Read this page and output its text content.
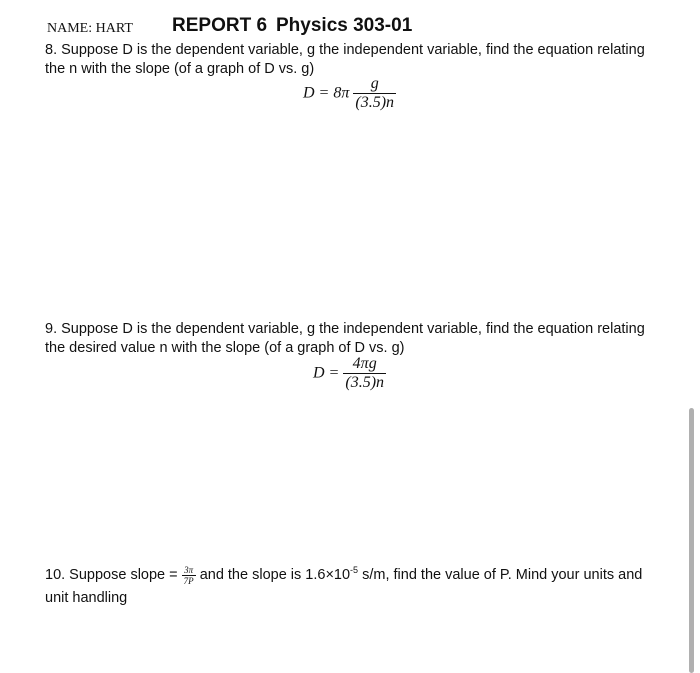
NAME: HART REPORT 6 Physics 303-01
8. Suppose D is the dependent variable, g the independent variable, find the equation relating
the n with the slope (of a graph of D vs. g)
$D = 8\pi \frac{g}{(3.5)n}$
9. Suppose D is the dependent variable, g the independent variable, find the equation relating
the desired value n with the slope (of a graph of D vs. g)
$D = \frac{4\pi g}{(3.5)n}$
10. Suppose slope = $\frac{3\pi}{7P}$ and the slope is $1.6\times 10^{-5}$ s/m, find the value of P. Mind your units and
unit handling
